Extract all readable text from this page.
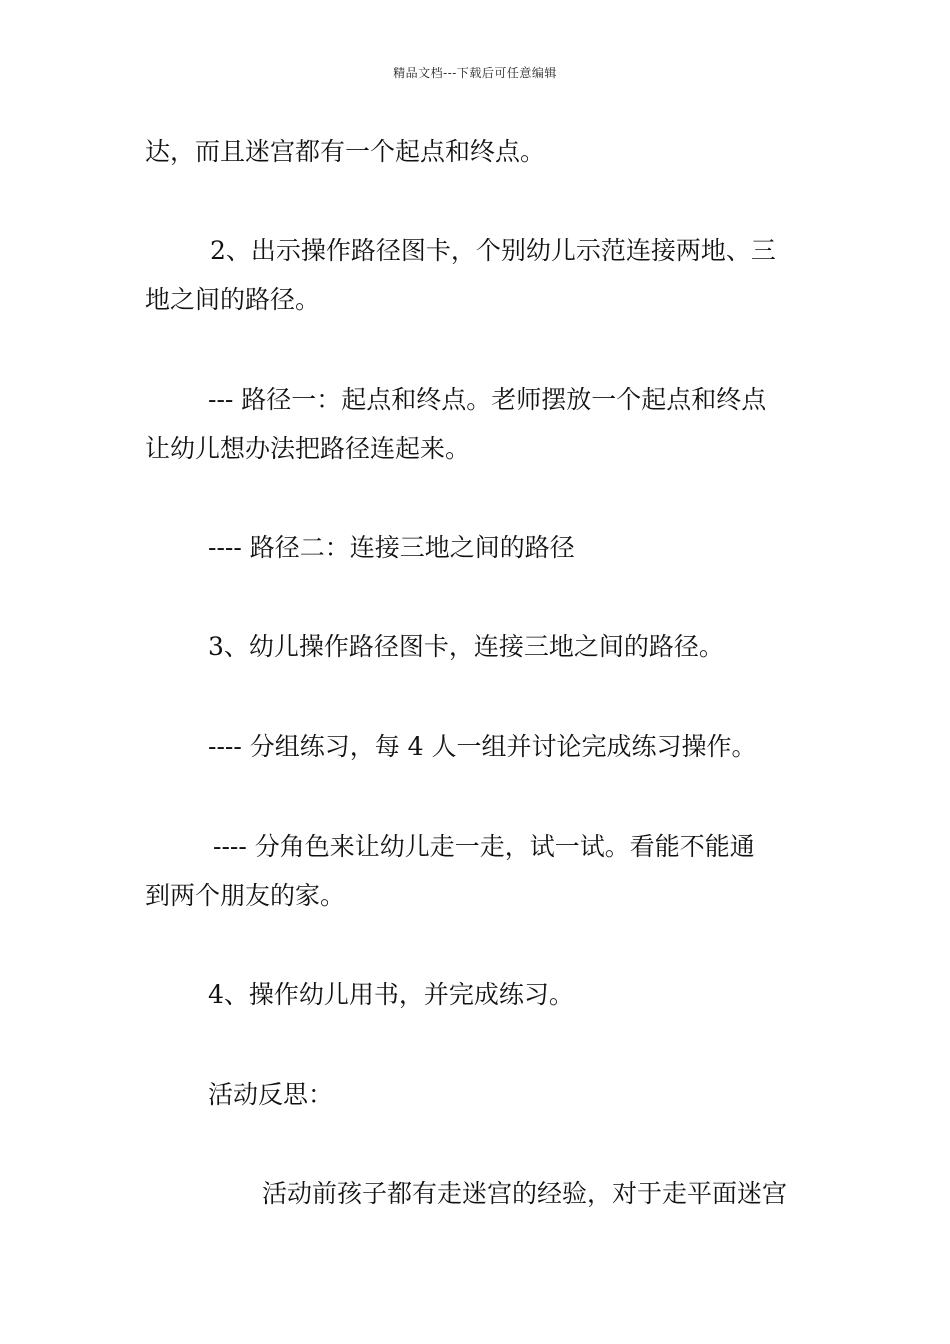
精品文档---下载后可任意编辑
达，而且迷宫都有一个起点和终点。
2、出示操作路径图卡，个别幼儿示范连接两地、三
地之间的路径。
--- 路径一：起点和终点。老师摆放一个起点和终点
让幼儿想办法把路径连起来。
---- 路径二：连接三地之间的路径
3、幼儿操作路径图卡，连接三地之间的路径。
---- 分组练习，每 4 人一组并讨论完成练习操作。
---- 分角色来让幼儿走一走，试一试。看能不能通
到两个朋友的家。
4、操作幼儿用书，并完成练习。
活动反思：
活动前孩子都有走迷宫的经验，对于走平面迷宫
